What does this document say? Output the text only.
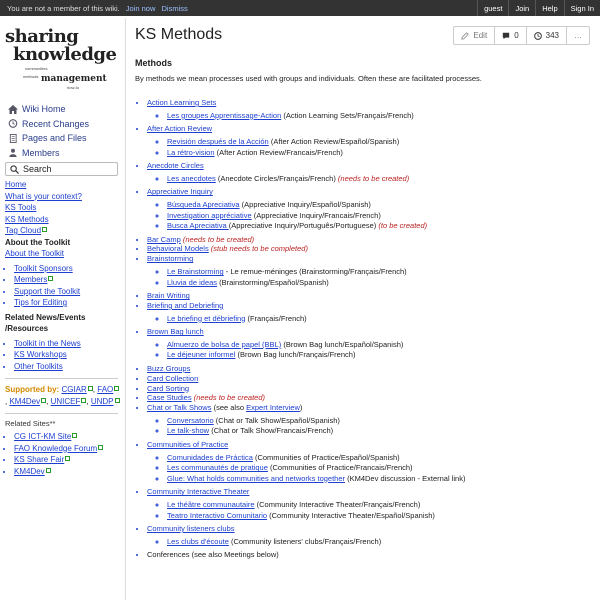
You are not a member of this wiki. Join now Dismiss	guest	Join	Help	Sign In
sharing
knowledge
communities
methods management
how-to
Wiki Home
Recent Changes
Pages and Files
Members
Search
Home
What is your context?
KS Tools
KS Methods
Tag Cloud
About the Toolkit
About the Toolkit
• Toolkit Sponsors
• Members
• Support the Toolkit
• Tips for Editing
Related News/Events /Resources
• Toolkit in the News
• KS Workshops
• Other Toolkits
Supported by: CGIAR , FAO, KM4Dev , UNICEF , UNDP
Related Sites**
• CG ICT-KM Site
• FAO Knowledge Forum
• KS Share Fair
• KM4Dev
KS Methods	Edit	0	343 …
Methods
By methods we mean processes used with groups and individuals. Often these are facilitated processes.
• Action Learning Sets
◦ Les groupes Apprentissage-Action (Action Learning Sets/Français/French)
• After Action Review
◦ Revisión después de la Acción (After Action Review/Español/Spanish)
◦ La rétro-vision (After Action Review/Francais/French)
• Anecdote Circles
◦ Les anecdotes (Anecdote Circles/Français/French) (needs to be created)
• Appreciative Inquiry
◦ Búsqueda Apreciativa (Appreciative Inquiry/Español/Spanish)
◦ Investigation appréciative (Appreciative Inquiry/Francais/French)
◦ Busca Apreciativa (Appreciative Inquiry/Português/Portuguese) (to be created)
• Bar Camp (needs to be created)
• Behavioral Models (stub needs to be completed)
• Brainstorming
◦ Le Brainstorming - Le remue-méninges (Brainstorming/Français/French)
◦ Lluvia de ideas (Brainstorming/Español/Spanish)
• Brain Writing
• Briefing and Debriefing
◦ Le briefing et débriefing (Français/French)
• Brown Bag lunch
◦ Almuerzo de bolsa de papel (BBL) (Brown Bag lunch/Español/Spanish)
◦ Le déjeuner informel (Brown Bag lunch/Français/French)
• Buzz Groups
• Card Collection
• Card Sorting
• Case Studies (needs to be created)
• Chat or Talk Shows (see also Expert Interview)
◦ Conversatorio (Chat or Talk Show/Español/Spanish)
◦ Le talk-show (Chat or Talk Show/Francais/French)
• Communities of Practice
◦ Comunidades de Práctica (Communities of Practice/Español/Spanish)
◦ Les communautés de pratique (Communities of Practice/Francais/French)
◦ Glue: What holds communities and networks together (KM4Dev discussion - External link)
• Community Interactive Theater
◦ Le théâtre communautaire (Community Interactive Theater/Français/French)
◦ Teatro Interactivo Comunitario (Community Interactive Theater/Español/Spanish)
• Community listeners clubs
◦ Les clubs d'écoute (Community listeners' clubs/Français/French)
• Conferences (see also Meetings below)
